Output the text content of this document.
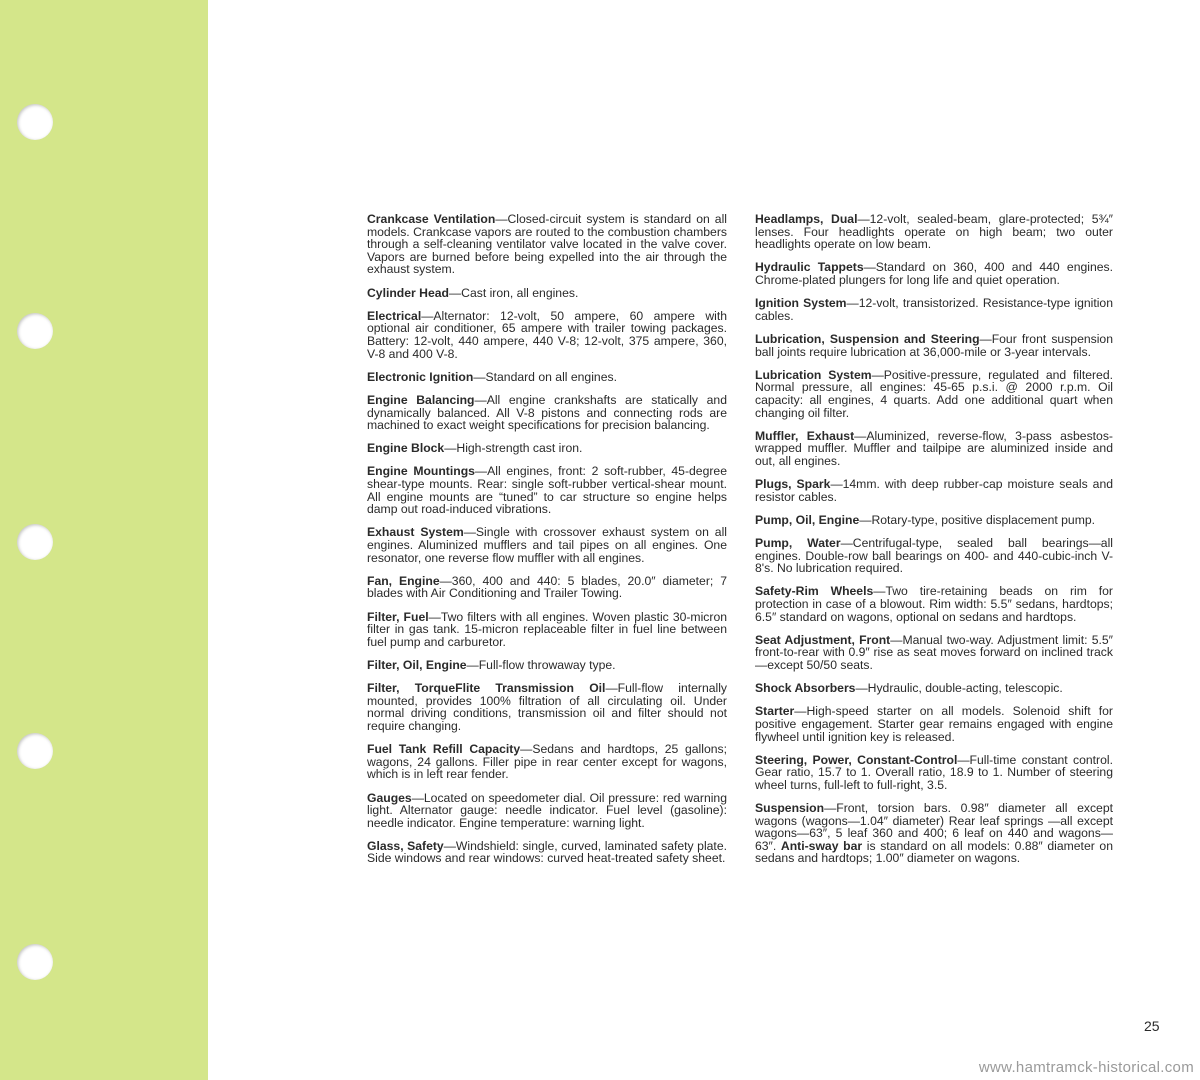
Crankcase Ventilation—Closed-circuit system is standard on all models. Crankcase vapors are routed to the combustion chambers through a self-cleaning ventilator valve located in the valve cover. Vapors are burned before being expelled into the air through the exhaust system.

Cylinder Head—Cast iron, all engines.

Electrical—Alternator: 12-volt, 50 ampere, 60 ampere with optional air conditioner, 65 ampere with trailer towing packages. Battery: 12-volt, 440 ampere, 440 V-8; 12-volt, 375 ampere, 360, V-8 and 400 V-8.

Electronic Ignition—Standard on all engines.

Engine Balancing—All engine crankshafts are statically and dynamically balanced. All V-8 pistons and connecting rods are machined to exact weight specifications for precision balancing.

Engine Block—High-strength cast iron.

Engine Mountings—All engines, front: 2 soft-rubber, 45-degree shear-type mounts. Rear: single soft-rubber vertical-shear mount. All engine mounts are “tuned” to car structure so engine helps damp out road-induced vibrations.

Exhaust System—Single with crossover exhaust system on all engines. Aluminized mufflers and tail pipes on all engines. One resonator, one reverse flow muffler with all engines.

Fan, Engine—360, 400 and 440: 5 blades, 20.0″ diameter; 7 blades with Air Conditioning and Trailer Towing.

Filter, Fuel—Two filters with all engines. Woven plastic 30-micron filter in gas tank. 15-micron replaceable filter in fuel line between fuel pump and carburetor.

Filter, Oil, Engine—Full-flow throwaway type.

Filter, TorqueFlite Transmission Oil—Full-flow internally mounted, provides 100% filtration of all circulating oil. Under normal driving conditions, transmission oil and filter should not require changing.

Fuel Tank Refill Capacity—Sedans and hardtops, 25 gallons; wagons, 24 gallons. Filler pipe in rear center except for wagons, which is in left rear fender.

Gauges—Located on speedometer dial. Oil pressure: red warning light. Alternator gauge: needle indicator. Fuel level (gasoline): needle indicator. Engine temperature: warning light.

Glass, Safety—Windshield: single, curved, laminated safety plate. Side windows and rear windows: curved heat-treated safety sheet.

Headlamps, Dual—12-volt, sealed-beam, glare-protected; 5¾″ lenses. Four headlights operate on high beam; two outer headlights operate on low beam.

Hydraulic Tappets—Standard on 360, 400 and 440 engines. Chrome-plated plungers for long life and quiet operation.

Ignition System—12-volt, transistorized. Resistance-type ignition cables.

Lubrication, Suspension and Steering—Four front suspension ball joints require lubrication at 36,000-mile or 3-year intervals.

Lubrication System—Positive-pressure, regulated and filtered. Normal pressure, all engines: 45-65 p.s.i. @ 2000 r.p.m. Oil capacity: all engines, 4 quarts. Add one additional quart when changing oil filter.

Muffler, Exhaust—Aluminized, reverse-flow, 3-pass asbestos-wrapped muffler. Muffler and tailpipe are aluminized inside and out, all engines.

Plugs, Spark—14mm. with deep rubber-cap moisture seals and resistor cables.

Pump, Oil, Engine—Rotary-type, positive displacement pump.

Pump, Water—Centrifugal-type, sealed ball bearings—all engines. Double-row ball bearings on 400- and 440-cubic-inch V-8's. No lubrication required.

Safety-Rim Wheels—Two tire-retaining beads on rim for protection in case of a blowout. Rim width: 5.5″ sedans, hardtops; 6.5″ standard on wagons, optional on sedans and hardtops.

Seat Adjustment, Front—Manual two-way. Adjustment limit: 5.5″ front-to-rear with 0.9″ rise as seat moves forward on inclined track—except 50/50 seats.

Shock Absorbers—Hydraulic, double-acting, telescopic.

Starter—High-speed starter on all models. Solenoid shift for positive engagement. Starter gear remains engaged with engine flywheel until ignition key is released.

Steering, Power, Constant-Control—Full-time constant control. Gear ratio, 15.7 to 1. Overall ratio, 18.9 to 1. Number of steering wheel turns, full-left to full-right, 3.5.

Suspension—Front, torsion bars. 0.98″ diameter all except wagons (wagons—1.04″ diameter) Rear leaf springs —all except wagons—63″, 5 leaf 360 and 400; 6 leaf on 440 and wagons—63″. Anti-sway bar is standard on all models: 0.88″ diameter on sedans and hardtops; 1.00″ diameter on wagons.

25
www.hamtramck-historical.com
